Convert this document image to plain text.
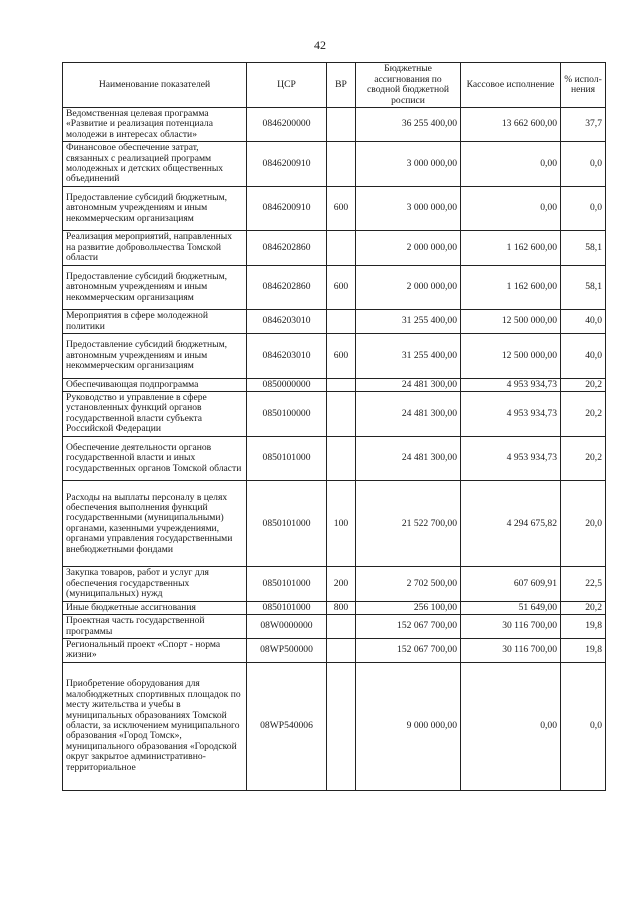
42
Наименование показателей	ЦСР	ВР	Бюджетные ассигнования по сводной бюджетной росписи	Кассовое исполнение	% испол-нения
Ведомственная целевая программа «Развитие и реализация потенциала молодежи в интересах области»	0846200000		36 255 400,00	13 662 600,00	37,7
Финансовое обеспечение затрат, связанных с реализацией программ молодежных и детских общественных объединений	0846200910		3 000 000,00	0,00	0,0
Предоставление субсидий бюджетным, автономным учреждениям и иным некоммерческим организациям	0846200910	600	3 000 000,00	0,00	0,0
Реализация мероприятий, направленных на развитие добровольчества Томской области	0846202860		2 000 000,00	1 162 600,00	58,1
Предоставление субсидий бюджетным, автономным учреждениям и иным некоммерческим организациям	0846202860	600	2 000 000,00	1 162 600,00	58,1
Мероприятия в сфере молодежной политики	0846203010		31 255 400,00	12 500 000,00	40,0
Предоставление субсидий бюджетным, автономным учреждениям и иным некоммерческим организациям	0846203010	600	31 255 400,00	12 500 000,00	40,0
Обеспечивающая подпрограмма	0850000000		24 481 300,00	4 953 934,73	20,2
Руководство и управление в сфере установленных функций органов государственной власти субъекта Российской Федерации	0850100000		24 481 300,00	4 953 934,73	20,2
Обеспечение деятельности органов государственной власти и иных государственных органов Томской области	0850101000		24 481 300,00	4 953 934,73	20,2
Расходы на выплаты персоналу в целях обеспечения выполнения функций государственными (муниципальными) органами, казенными учреждениями, органами управления государственными внебюджетными фондами	0850101000	100	21 522 700,00	4 294 675,82	20,0
Закупка товаров, работ и услуг для обеспечения государственных (муниципальных) нужд	0850101000	200	2 702 500,00	607 609,91	22,5
Иные бюджетные ассигнования	0850101000	800	256 100,00	51 649,00	20,2
Проектная часть государственной программы	08W0000000		152 067 700,00	30 116 700,00	19,8
Региональный проект «Спорт - норма жизни»	08WP500000		152 067 700,00	30 116 700,00	19,8
Приобретение оборудования для малобюджетных спортивных площадок по месту жительства и учебы в муниципальных образованиях Томской области, за исключением муниципального образования «Город Томск», муниципального образования «Городской округ закрытое административно-территориальное	08WP540006		9 000 000,00	0,00	0,0
